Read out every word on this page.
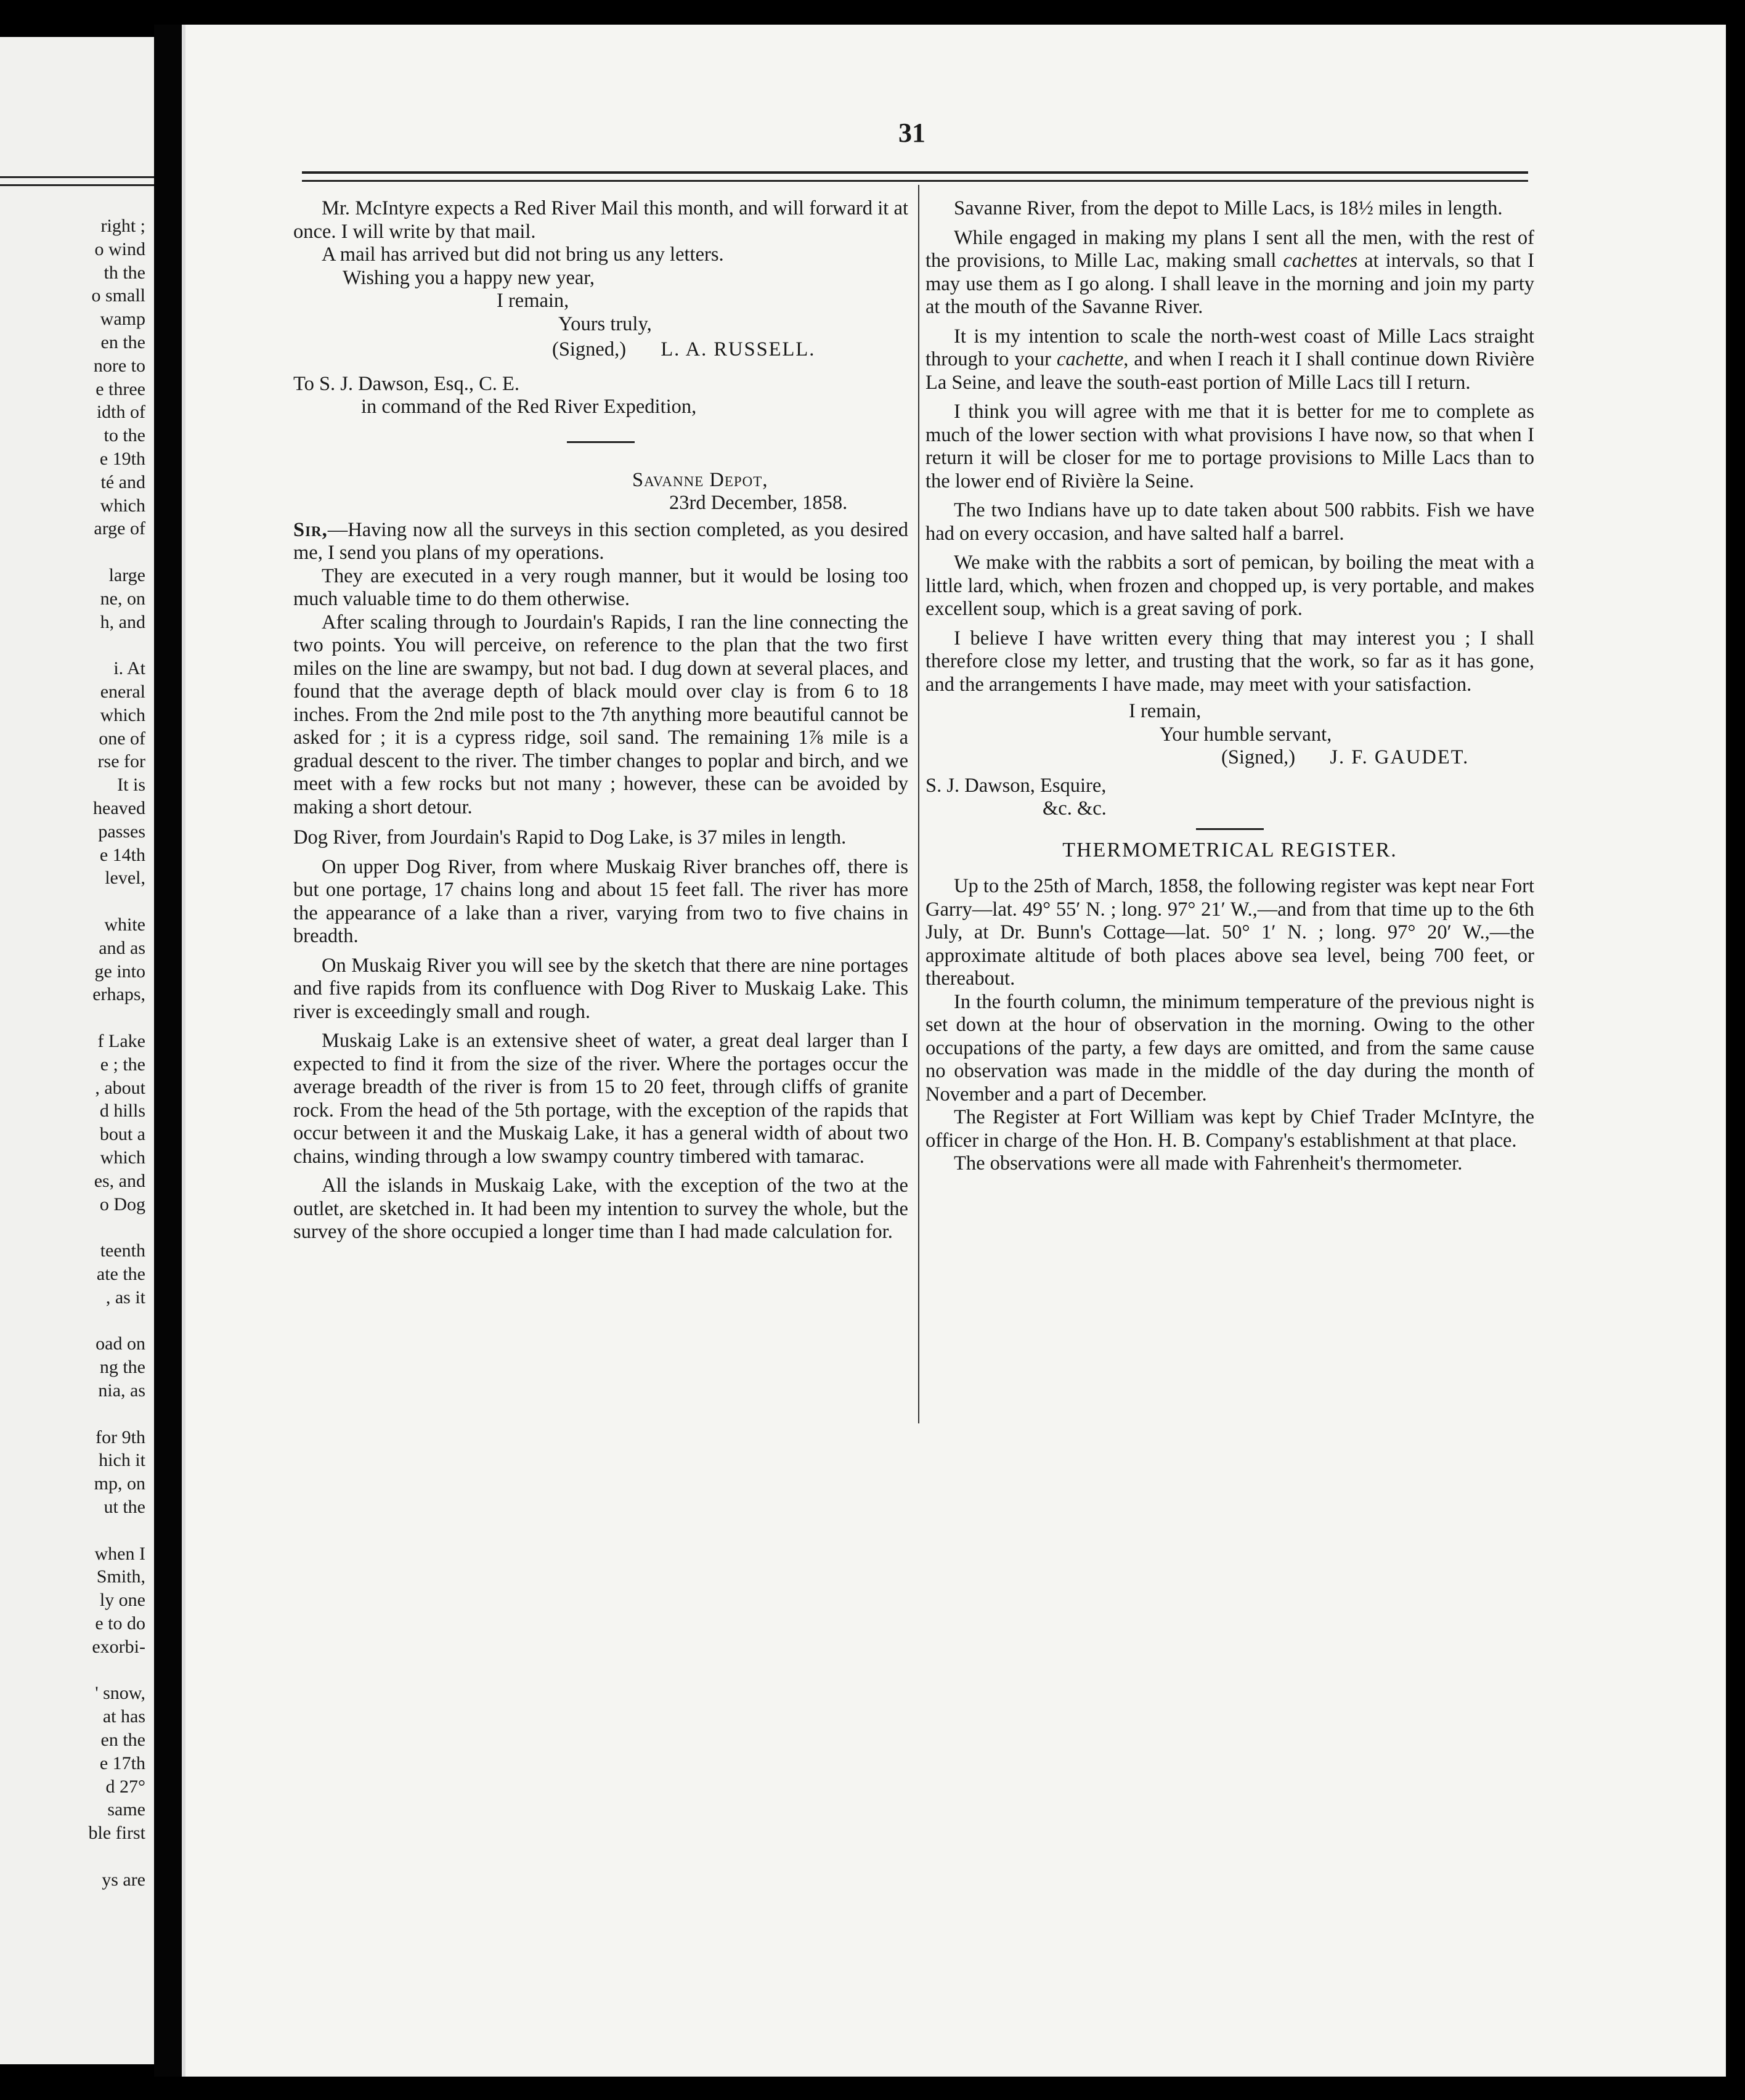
right ;
o wind
th the
o small
wamp
en the
nore to
e three
idth of
to the
e 19th
té and
which
arge of
large
ne, on
h, and
i. At
eneral
which
one of
rse for
It is
heaved
passes
e 14th
level,
white
and as
ge into
erhaps,
f Lake
e ; the
, about
d hills
bout a
which
es, and
o Dog
teenth
ate the
, as it
oad on
ng the
nia, as
for 9th
hich it
mp, on
ut the
when I
Smith,
ly one
e to do
exorbi-
' snow,
at has
en the
e 17th
d 27°
same
ble first
ys are
31

Mr. McIntyre expects a Red River Mail this month, and will forward it at once. I will write by that mail.

A mail has arrived but did not bring us any letters.

Wishing you a happy new year,

I remain,
Yours truly,
(Signed,) L. A. RUSSELL.
To S. J. Dawson, Esq., C. E.
in command of the Red River Expedition,
Savanne Depot,
23rd December, 1858.

Sir,—Having now all the surveys in this section completed, as you desired me, I send you plans of my operations.

They are executed in a very rough manner, but it would be losing too much valuable time to do them otherwise.

After scaling through to Jourdain's Rapids, I ran the line connecting the two points. You will perceive, on reference to the plan that the two first miles on the line are swampy, but not bad. I dug down at several places, and found that the average depth of black mould over clay is from 6 to 18 inches. From the 2nd mile post to the 7th anything more beautiful cannot be asked for ; it is a cypress ridge, soil sand. The remaining 1⅞ mile is a gradual descent to the river. The timber changes to poplar and birch, and we meet with a few rocks but not many ; however, these can be avoided by making a short detour.

Dog River, from Jourdain's Rapid to Dog Lake, is 37 miles in length.

On upper Dog River, from where Muskaig River branches off, there is but one portage, 17 chains long and about 15 feet fall. The river has more the appearance of a lake than a river, varying from two to five chains in breadth.

On Muskaig River you will see by the sketch that there are nine portages and five rapids from its confluence with Dog River to Muskaig Lake. This river is exceedingly small and rough.

Muskaig Lake is an extensive sheet of water, a great deal larger than I expected to find it from the size of the river. Where the portages occur the average breadth of the river is from 15 to 20 feet, through cliffs of granite rock. From the head of the 5th portage, with the exception of the rapids that occur between it and the Muskaig Lake, it has a general width of about two chains, winding through a low swampy country timbered with tamarac.

All the islands in Muskaig Lake, with the exception of the two at the outlet, are sketched in. It had been my intention to survey the whole, but the survey of the shore occupied a longer time than I had made calculation for.

Savanne River, from the depot to Mille Lacs, is 18½ miles in length.

While engaged in making my plans I sent all the men, with the rest of the provisions, to Mille Lac, making small cachettes at intervals, so that I may use them as I go along. I shall leave in the morning and join my party at the mouth of the Savanne River.

It is my intention to scale the north-west coast of Mille Lacs straight through to your cachette, and when I reach it I shall continue down Rivière La Seine, and leave the south-east portion of Mille Lacs till I return.

I think you will agree with me that it is better for me to complete as much of the lower section with what provisions I have now, so that when I return it will be closer for me to portage provisions to Mille Lacs than to the lower end of Rivière la Seine.

The two Indians have up to date taken about 500 rabbits. Fish we have had on every occasion, and have salted half a barrel.

We make with the rabbits a sort of pemican, by boiling the meat with a little lard, which, when frozen and chopped up, is very portable, and makes excellent soup, which is a great saving of pork.

I believe I have written every thing that may interest you ; I shall therefore close my letter, and trusting that the work, so far as it has gone, and the arrangements I have made, may meet with your satisfaction.

I remain,
Your humble servant,
(Signed,) J. F. GAUDET.
S. J. Dawson, Esquire,
&c. &c.
THERMOMETRICAL REGISTER.

Up to the 25th of March, 1858, the following register was kept near Fort Garry—lat. 49° 55′ N. ; long. 97° 21′ W.,—and from that time up to the 6th July, at Dr. Bunn's Cottage—lat. 50° 1′ N. ; long. 97° 20′ W.,—the approximate altitude of both places above sea level, being 700 feet, or thereabout.

In the fourth column, the minimum temperature of the previous night is set down at the hour of observation in the morning. Owing to the other occupations of the party, a few days are omitted, and from the same cause no observation was made in the middle of the day during the month of November and a part of December.

The Register at Fort William was kept by Chief Trader McIntyre, the officer in charge of the Hon. H. B. Company's establishment at that place.

The observations were all made with Fahrenheit's thermometer.
